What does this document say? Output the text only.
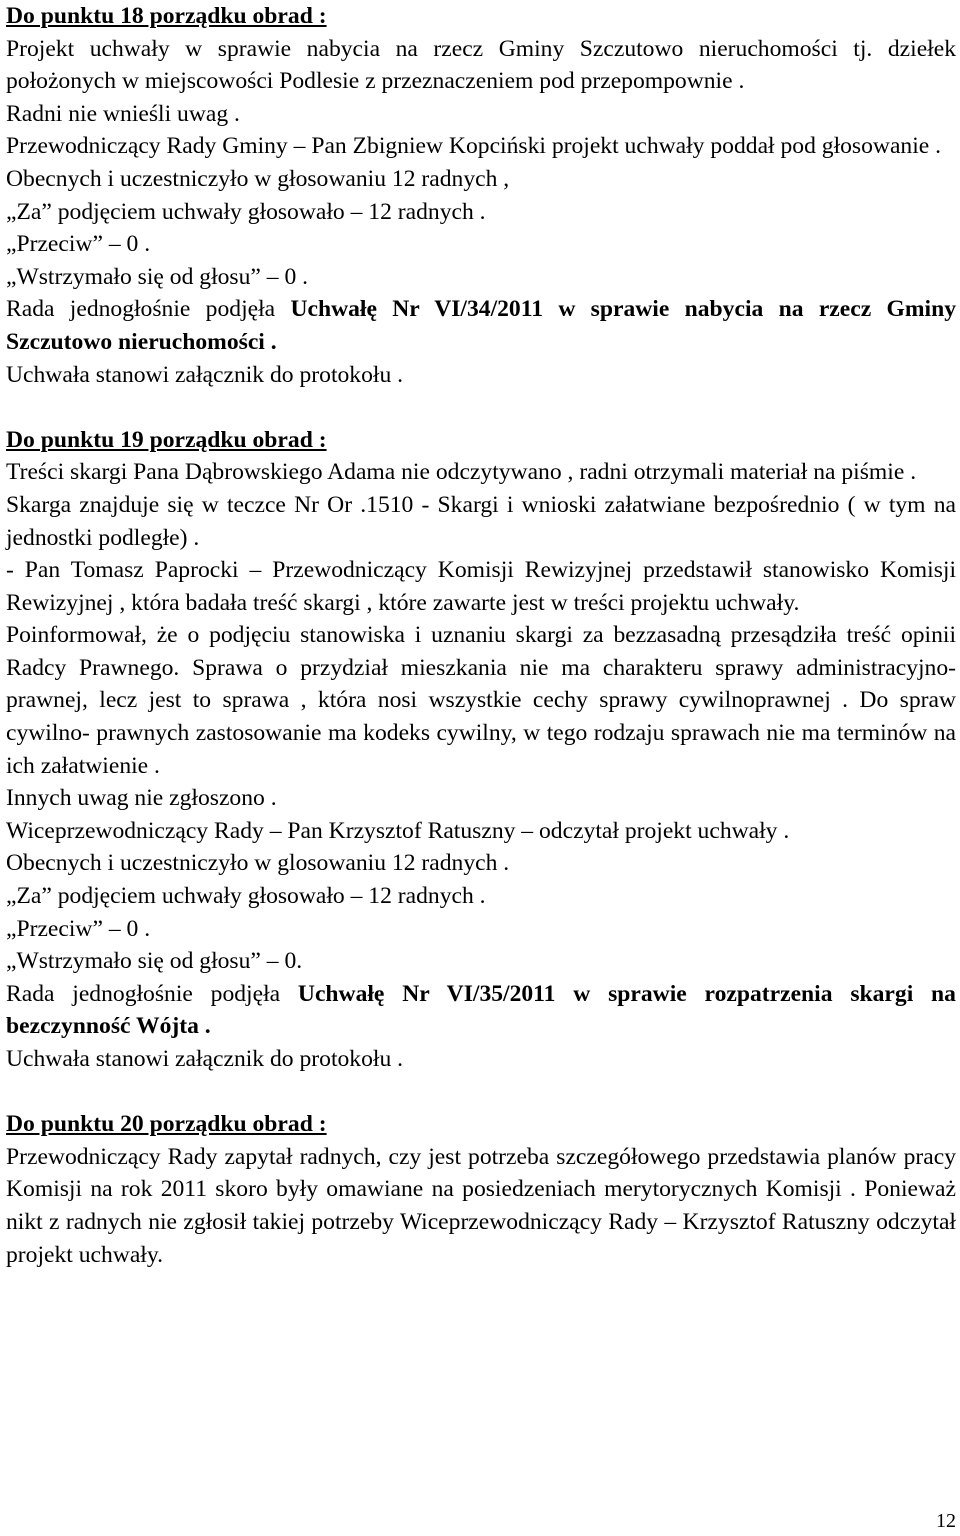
Do punktu 18 porządku obrad :
Projekt uchwały w sprawie nabycia na rzecz Gminy Szczutowo nieruchomości tj. dziełek położonych w miejscowości Podlesie z przeznaczeniem pod przepompownie .
Radni nie wnieśli uwag .
Przewodniczący Rady Gminy – Pan Zbigniew Kopciński projekt uchwały poddał pod głosowanie .
Obecnych i uczestniczyło w głosowaniu 12 radnych ,
„Za” podjęciem uchwały głosowało – 12 radnych .
„Przeciw” – 0 .
„Wstrzymało się od głosu” – 0 .
Rada jednogłośnie podjęła Uchwałę Nr VI/34/2011 w sprawie nabycia na rzecz Gminy Szczutowo nieruchomości .
Uchwała stanowi załącznik do protokołu .
Do punktu 19 porządku obrad :
Treści skargi Pana Dąbrowskiego Adama nie odczytywano , radni otrzymali materiał na piśmie .
Skarga znajduje się w teczce Nr Or .1510 - Skargi i wnioski załatwiane bezpośrednio ( w tym na jednostki podległe) .
- Pan Tomasz Paprocki – Przewodniczący Komisji Rewizyjnej przedstawił stanowisko Komisji Rewizyjnej , która badała treść skargi , które zawarte jest w treści projektu uchwały.
Poinformował, że o podjęciu stanowiska i uznaniu skargi za bezzasadną przesądziła treść opinii Radcy Prawnego. Sprawa o przydział mieszkania nie ma charakteru sprawy administracyjno-prawnej, lecz jest to sprawa , która nosi wszystkie cechy sprawy cywilnoprawnej . Do spraw cywilno- prawnych zastosowanie ma kodeks cywilny, w tego rodzaju sprawach nie ma terminów na ich załatwienie .
Innych uwag nie zgłoszono .
Wiceprzewodniczący Rady – Pan Krzysztof Ratuszny – odczytał projekt uchwały .
Obecnych i uczestniczyło w glosowaniu 12 radnych .
„Za” podjęciem uchwały głosowało – 12 radnych .
„Przeciw” – 0 .
„Wstrzymało się od głosu” – 0.
Rada jednogłośnie podjęła Uchwałę Nr VI/35/2011 w sprawie rozpatrzenia skargi na bezczynność Wójta .
Uchwała stanowi załącznik do protokołu .
Do punktu 20 porządku obrad :
Przewodniczący Rady zapytał radnych, czy jest potrzeba szczegółowego przedstawia planów pracy Komisji na rok 2011 skoro były omawiane na posiedzeniach merytorycznych Komisji . Ponieważ nikt z radnych nie zgłosił takiej potrzeby Wiceprzewodniczący Rady – Krzysztof Ratuszny odczytał projekt uchwały.
12
